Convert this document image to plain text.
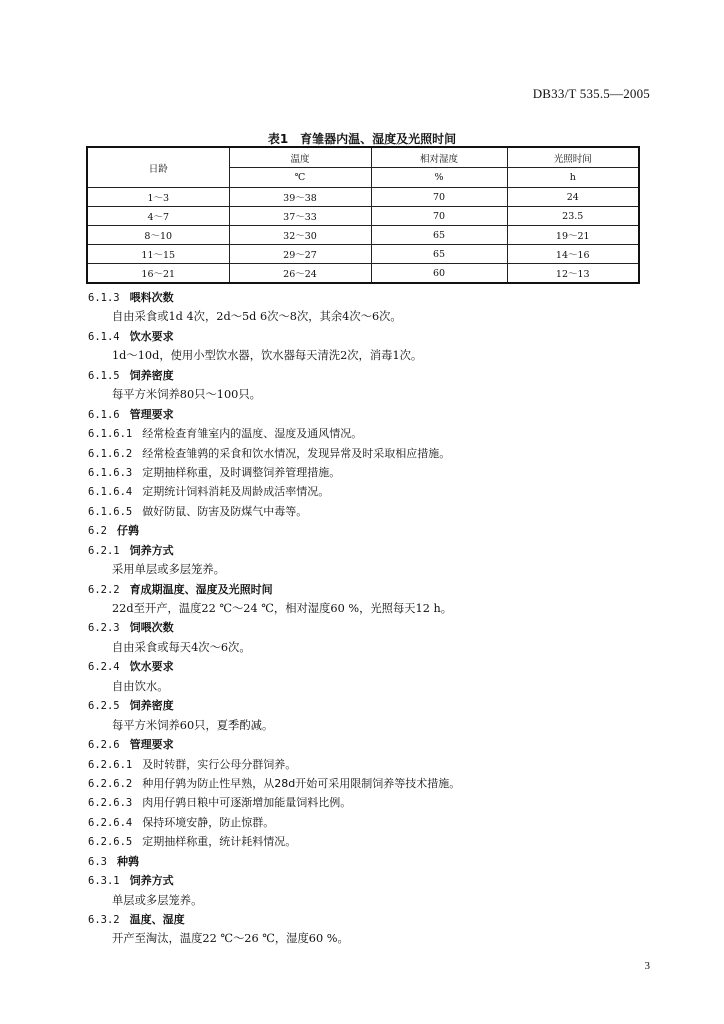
DB33/T 535.5—2005
表1　育雏器内温、湿度及光照时间
日龄	温度	相对湿度	光照时间
	℃	%	h
1～3	39～38	70	24
4～7	37～33	70	23.5
8～10	32～30	65	19～21
11～15	29～27	65	14～16
16～21	26～24	60	12～13
6.1.3 喂料次数
自由采食或1d 4次，2d～5d 6次～8次，其余4次～6次。
6.1.4 饮水要求
1d～10d，使用小型饮水器，饮水器每天清洗2次，消毒1次。
6.1.5 饲养密度
每平方米饲养80只～100只。
6.1.6 管理要求
6.1.6.1 经常检查育雏室内的温度、湿度及通风情况。
6.1.6.2 经常检查雏鹑的采食和饮水情况，发现异常及时采取相应措施。
6.1.6.3 定期抽样称重，及时调整饲养管理措施。
6.1.6.4 定期统计饲料消耗及周龄成活率情况。
6.1.6.5 做好防鼠、防害及防煤气中毒等。
6.2 仔鹑
6.2.1 饲养方式
采用单层或多层笼养。
6.2.2 育成期温度、湿度及光照时间
22d至开产，温度22 ℃～24 ℃，相对湿度60 %，光照每天12 h。
6.2.3 饲喂次数
自由采食或每天4次～6次。
6.2.4 饮水要求
自由饮水。
6.2.5 饲养密度
每平方米饲养60只，夏季酌减。
6.2.6 管理要求
6.2.6.1 及时转群，实行公母分群饲养。
6.2.6.2 种用仔鹑为防止性早熟，从28d开始可采用限制饲养等技术措施。
6.2.6.3 肉用仔鹑日粮中可逐渐增加能量饲料比例。
6.2.6.4 保持环境安静，防止惊群。
6.2.6.5 定期抽样称重，统计耗料情况。
6.3 种鹑
6.3.1 饲养方式
单层或多层笼养。
6.3.2 温度、湿度
开产至淘汰，温度22 ℃～26 ℃，湿度60 %。
3
